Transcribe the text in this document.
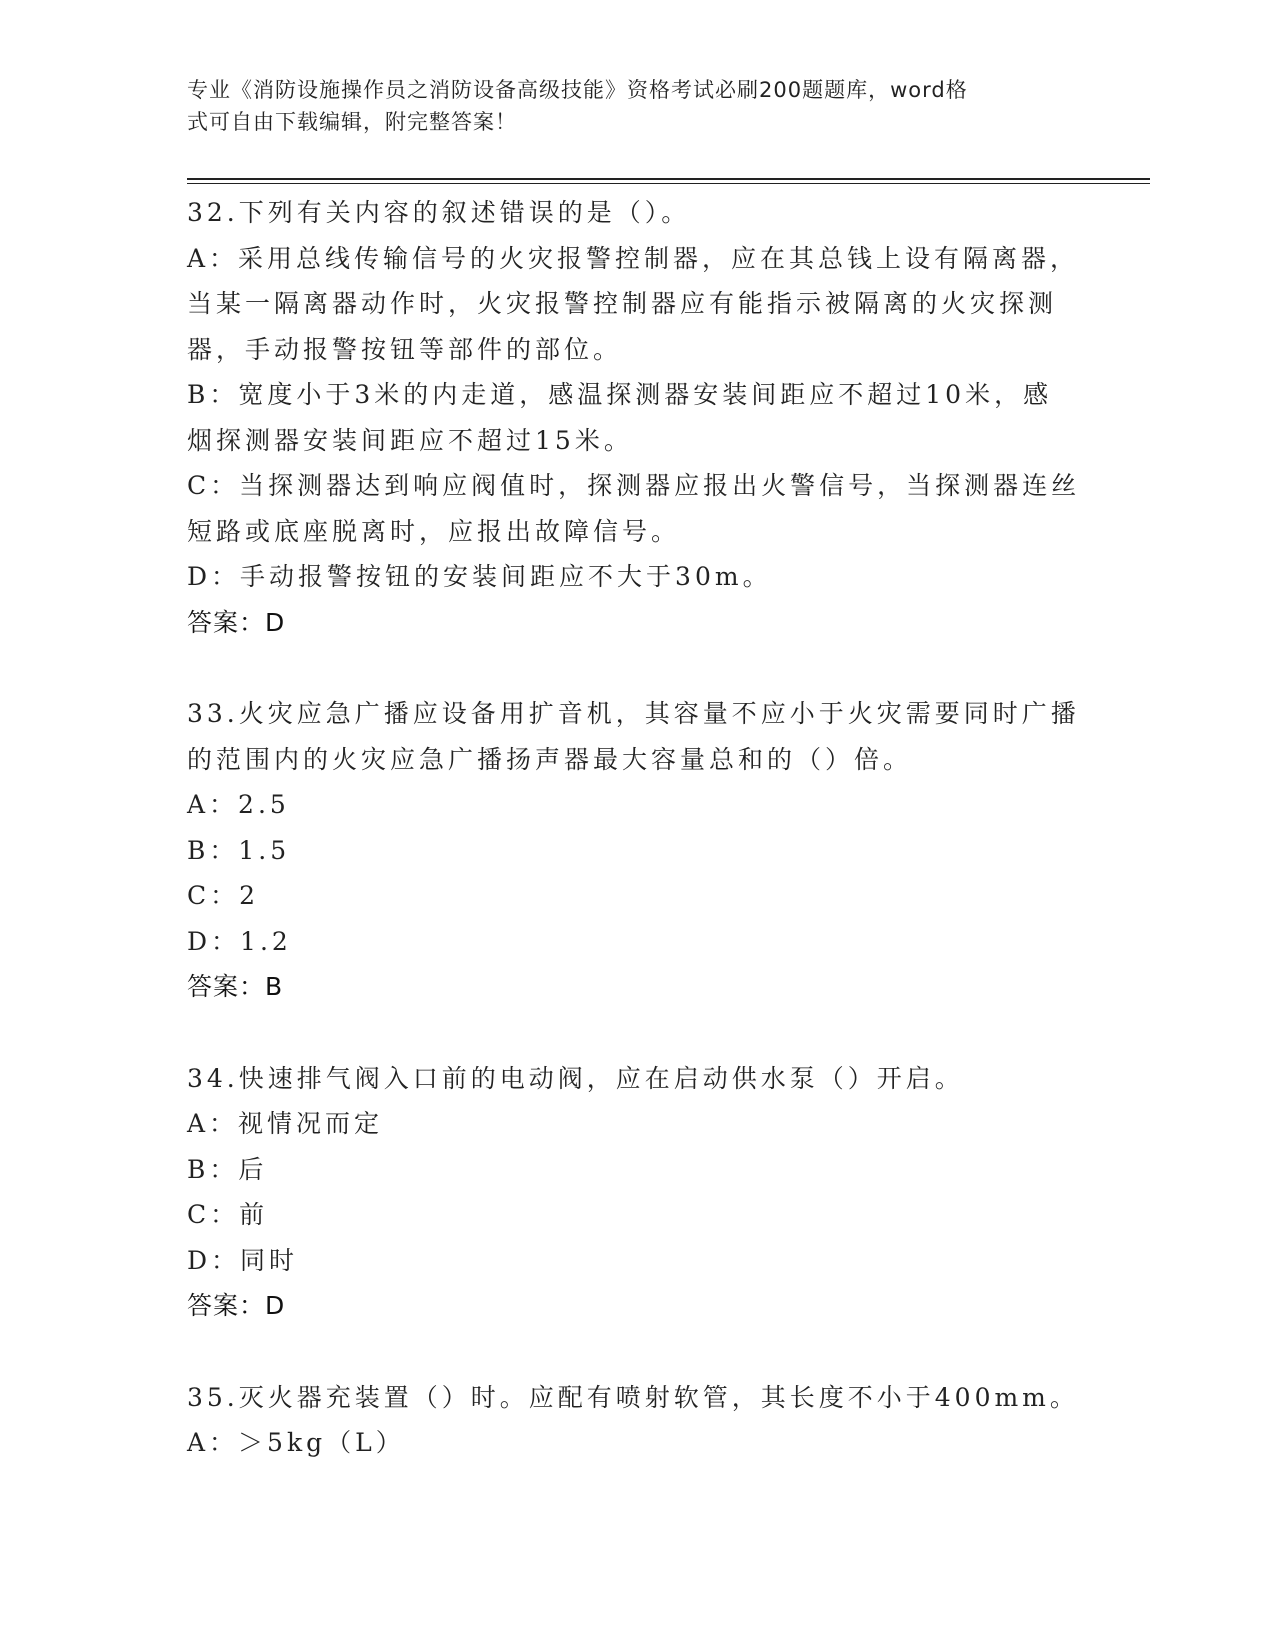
专业《消防设施操作员之消防设备高级技能》资格考试必刷200题题库，word格
式可自由下载编辑，附完整答案！
32.下列有关内容的叙述错误的是（）。
A：采用总线传输信号的火灾报警控制器，应在其总钱上设有隔离器，
当某一隔离器动作时，火灾报警控制器应有能指示被隔离的火灾探测
器，手动报警按钮等部件的部位。
B：宽度小于3米的内走道，感温探测器安装间距应不超过10米，感
烟探测器安装间距应不超过15米。
C：当探测器达到响应阀值时，探测器应报出火警信号，当探测器连丝
短路或底座脱离时，应报出故障信号。
D：手动报警按钮的安装间距应不大于30m。
答案：D
33.火灾应急广播应设备用扩音机，其容量不应小于火灾需要同时广播
的范围内的火灾应急广播扬声器最大容量总和的（）倍。
A：2.5
B：1.5
C：2
D：1.2
答案：B
34.快速排气阀入口前的电动阀，应在启动供水泵（）开启。
A：视情况而定
B：后
C：前
D：同时
答案：D
35.灭火器充装置（）时。应配有喷射软管，其长度不小于400mm。
A：＞5kg（L）
